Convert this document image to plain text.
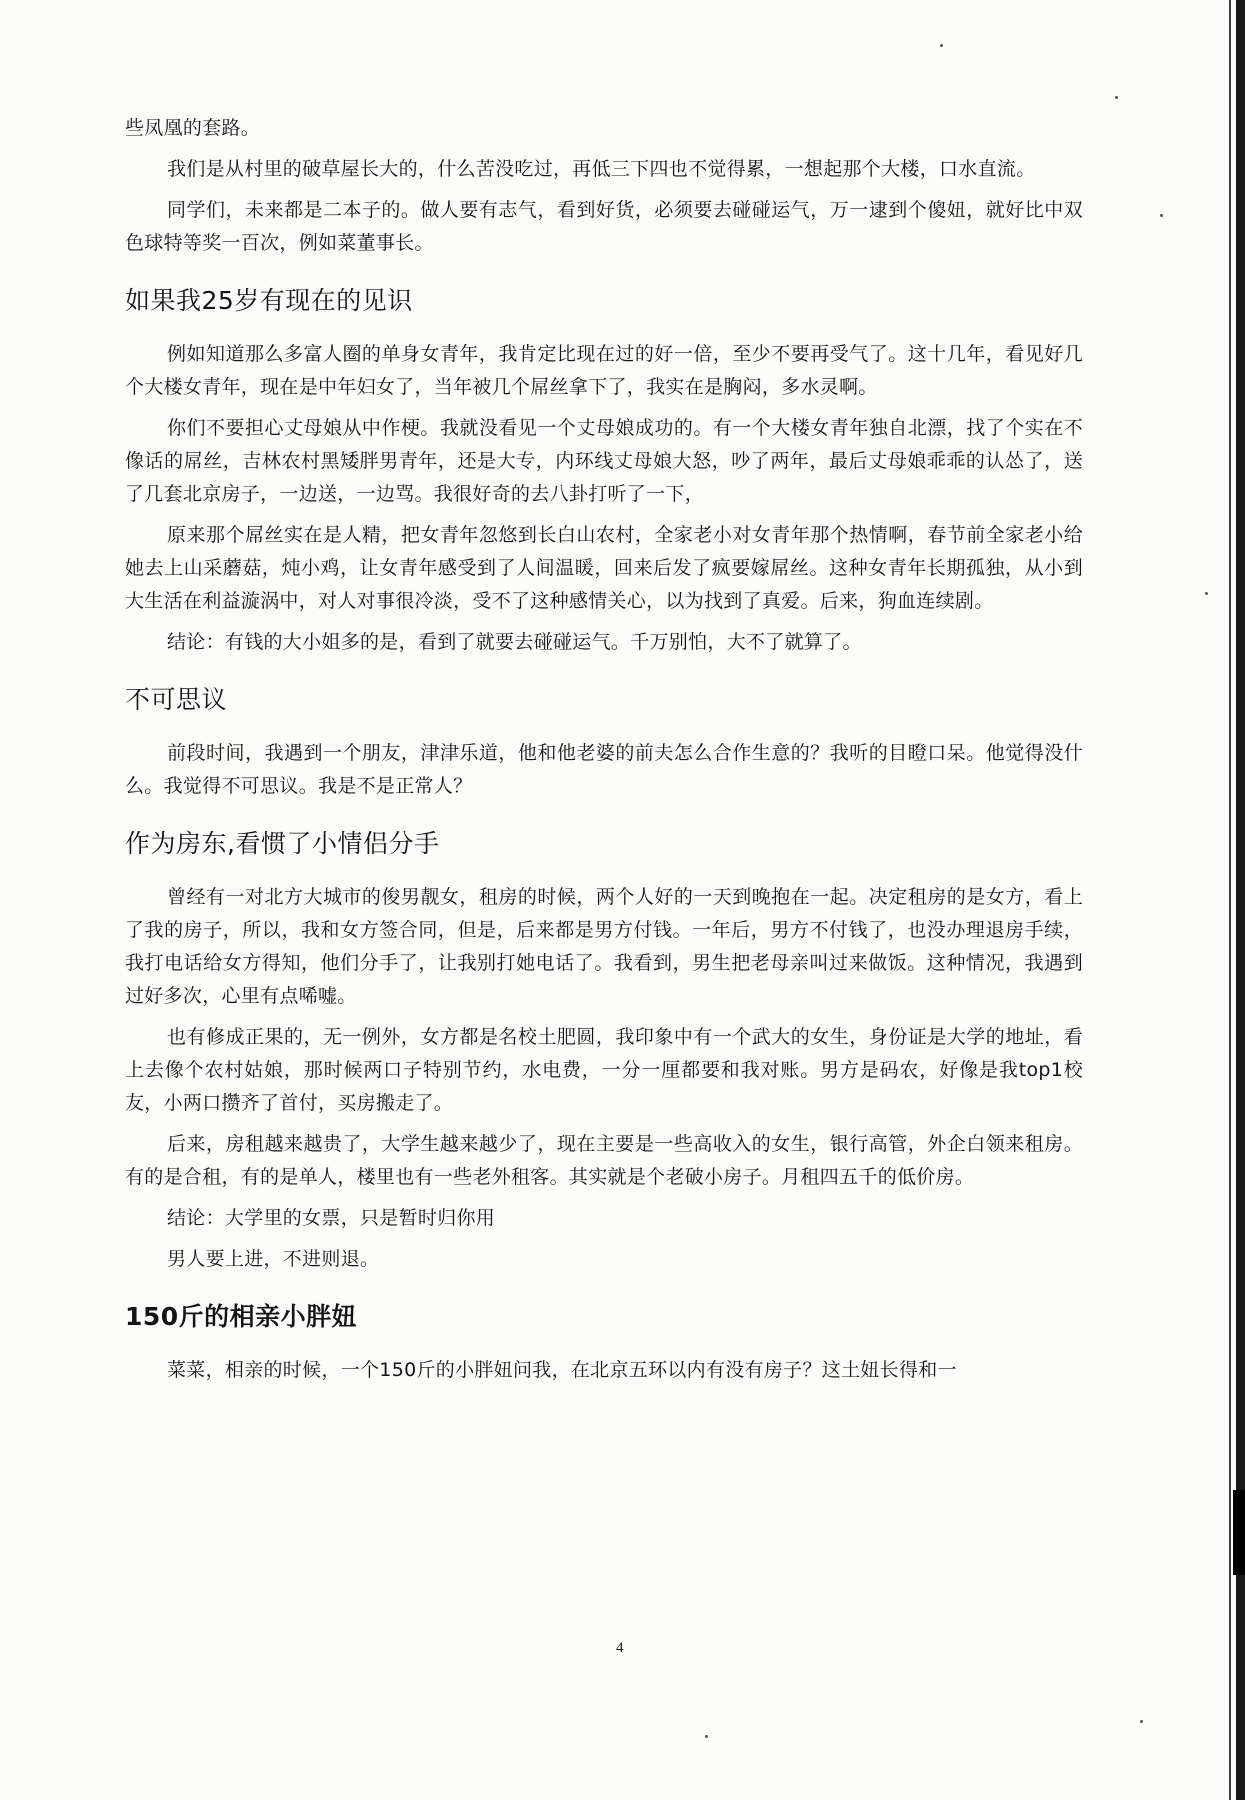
些凤凰的套路。

我们是从村里的破草屋长大的，什么苦没吃过，再低三下四也不觉得累，一想起那个大楼，口水直流。

同学们，未来都是二本子的。做人要有志气，看到好货，必须要去碰碰运气，万一逮到个傻妞，就好比中双色球特等奖一百次，例如菜董事长。

如果我25岁有现在的见识

例如知道那么多富人圈的单身女青年，我肯定比现在过的好一倍，至少不要再受气了。这十几年，看见好几个大楼女青年，现在是中年妇女了，当年被几个屌丝拿下了，我实在是胸闷，多水灵啊。

你们不要担心丈母娘从中作梗。我就没看见一个丈母娘成功的。有一个大楼女青年独自北漂，找了个实在不像话的屌丝，吉林农村黑矮胖男青年，还是大专，内环线丈母娘大怒，吵了两年，最后丈母娘乖乖的认怂了，送了几套北京房子，一边送，一边骂。我很好奇的去八卦打听了一下，

原来那个屌丝实在是人精，把女青年忽悠到长白山农村，全家老小对女青年那个热情啊，春节前全家老小给她去上山采蘑菇，炖小鸡，让女青年感受到了人间温暖，回来后发了疯要嫁屌丝。这种女青年长期孤独，从小到大生活在利益漩涡中，对人对事很冷淡，受不了这种感情关心，以为找到了真爱。后来，狗血连续剧。

结论：有钱的大小姐多的是，看到了就要去碰碰运气。千万别怕，大不了就算了。

不可思议

前段时间，我遇到一个朋友，津津乐道，他和他老婆的前夫怎么合作生意的？我听的目瞪口呆。他觉得没什么。我觉得不可思议。我是不是正常人？

作为房东,看惯了小情侣分手

曾经有一对北方大城市的俊男靓女，租房的时候，两个人好的一天到晚抱在一起。决定租房的是女方，看上了我的房子，所以，我和女方签合同，但是，后来都是男方付钱。一年后，男方不付钱了，也没办理退房手续，我打电话给女方得知，他们分手了，让我别打她电话了。我看到，男生把老母亲叫过来做饭。这种情况，我遇到过好多次，心里有点唏嘘。

也有修成正果的，无一例外，女方都是名校土肥圆，我印象中有一个武大的女生，身份证是大学的地址，看上去像个农村姑娘，那时候两口子特别节约，水电费，一分一厘都要和我对账。男方是码农，好像是我top1校友，小两口攒齐了首付，买房搬走了。

后来，房租越来越贵了，大学生越来越少了，现在主要是一些高收入的女生，银行高管，外企白领来租房。有的是合租，有的是单人，楼里也有一些老外租客。其实就是个老破小房子。月租四五千的低价房。

结论：大学里的女票，只是暂时归你用

男人要上进，不进则退。

150斤的相亲小胖妞

菜菜，相亲的时候，一个150斤的小胖妞问我，在北京五环以内有没有房子？这土妞长得和一

4
